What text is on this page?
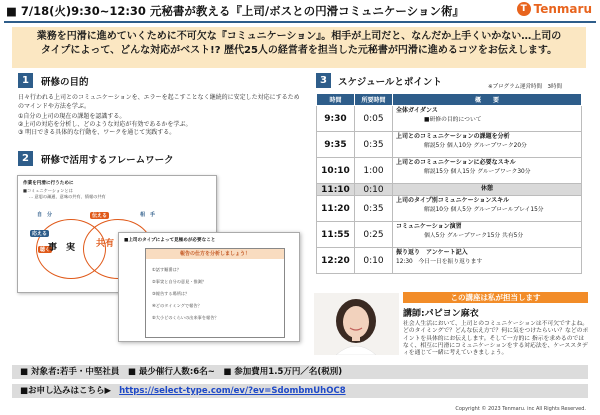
■ 7/18(火)9:30~12:30 元秘書が教える『上司/ボスとの円滑コミュニケーション術』	T Tenmaru
業務を円滑に進めていくために不可欠な『コミュニケーション』。相手が上司だと、なんだか上手くいかない…上司の
タイプによって、どんな対応がベスト!? 歴代25人の経営者を担当した元秘書が円滑に進めるコツをお伝えします。
1	研修の目的
日々行われる上司とのコミュニケーションを、エラーを起こすことなく継続的に安定した対応にするためのマインドや方法を学ぶ。
①自分の上司の現在の課題を認識する。
②上司の対応を分析し、どのような対応が有効であるかを学ぶ。
③ 明日できる具体的な行動を、ワークを通じて実践する。
2	研修で活用するフレームワーク
作業を円滑に行うために
■コミュニケーションとは
… 意思の疎通、意味の共有、情報の共有
自　分	相　手
伝える
応える
聴く
事　実 共有 ■上司のタイプによって見極めが必要なこと
報告の仕方を分析しましょう！
①話す順番は？
②事実と自分の意見・推測？
③報告する場所は？
④どのタイミングで報告？
⑤大小どのくらいの出来事を報告？
3	スケジュールとポイント	※プログラム運営時間　3時間
時間	所要時間	概　　要
9:30	0:05	全体ガイダンス
■研修の目的について

9:35	0:35	上司とのコミュニケーションの課題を分析
解説5分 個人10分 グループワーク20分

10:10	1:00	上司とのコミュニケーションに必要なスキル
解説15分 個人15分 グループワーク30分

11:10	0:10	休憩
11:20	0:35	上司のタイプ別コミュニケーションスキル
解説10分 個人5分 グループロールプレイ15分

11:55	0:25	コミュニケーション演習
個人5分 グループワーク15分 共有5分

12:20	0:10	振り返り　アンケート記入
12:30　今日一日を振り返ります
この講座は私が担当します
講師:パピヨン麻衣
社会人生活において、上司とのコミュニケーションは不可欠ですよね。どのタイミングで？どんな伝え方で？何に気をつけたらいい？などのポイントを具体的にお伝えします。そして一方的に 指示を求めるのではなく、相互に円滑にコミュニケーションをする対応法を、ケーススタディを通じて一緒に考えていきましょう。
■ 対象者:若手・中堅社員　■ 最少催行人数:6名~　■ 参加費用1.5万円／名(税別)
■お申し込みはこちら▶ https://select-type.com/ev/?ev=SdombmUhOC8
Copyright © 2023 Tenmaru. inc All Rights Reserved.
